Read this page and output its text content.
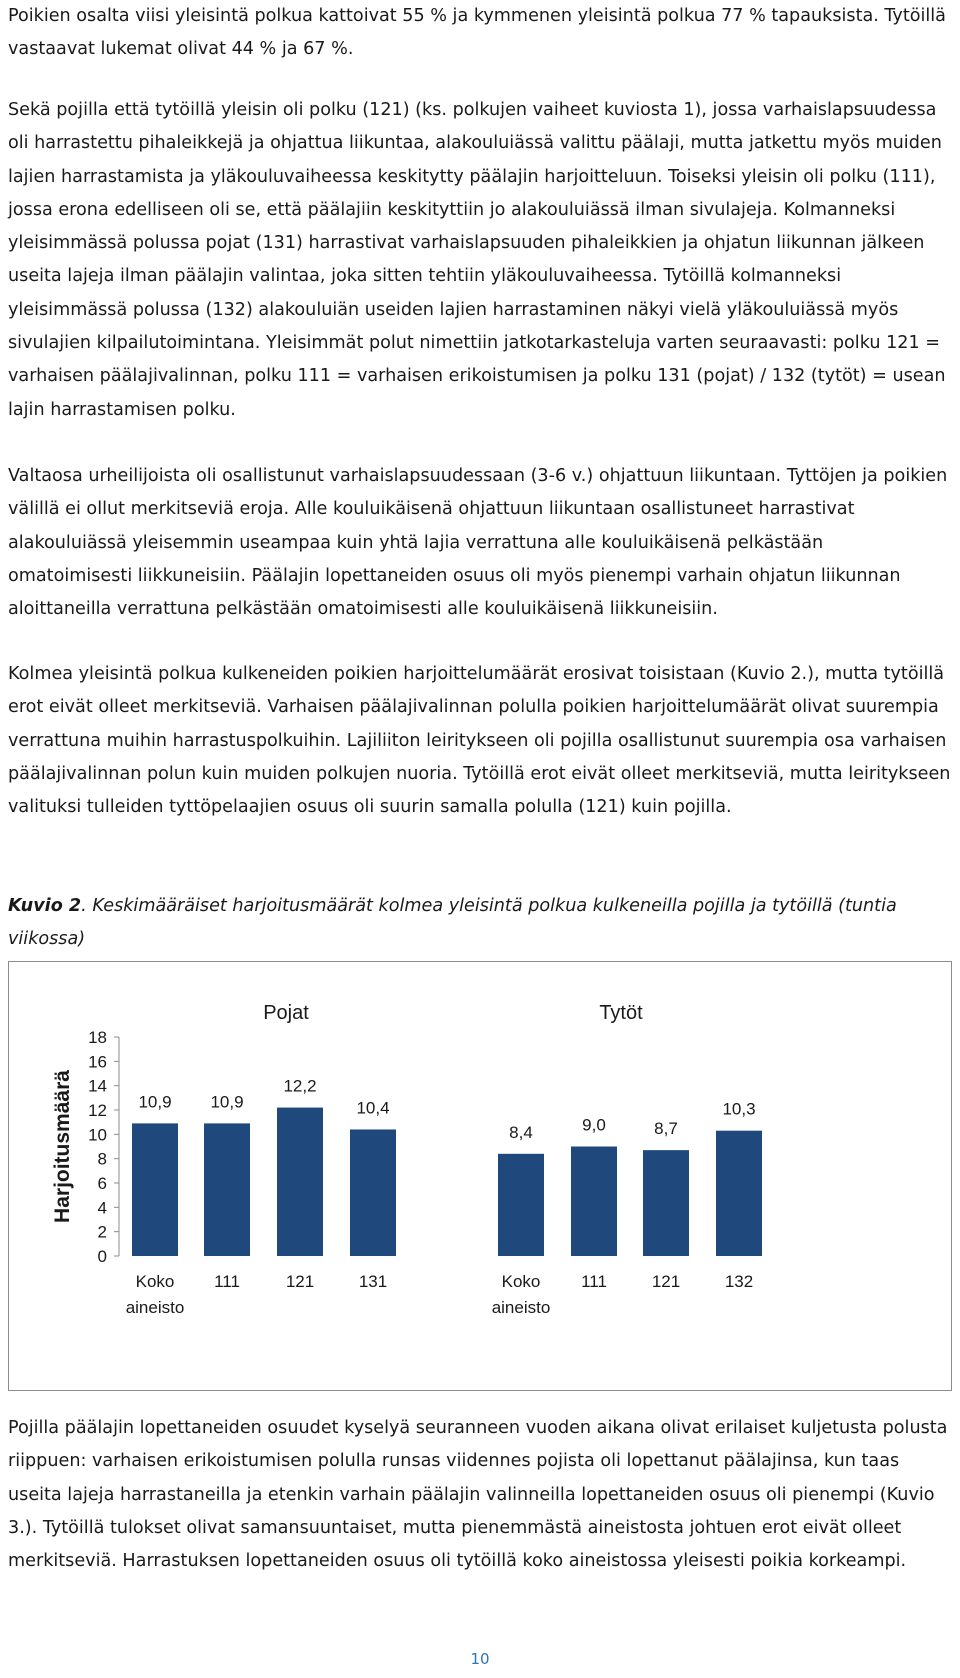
Poikien osalta viisi yleisintä polkua kattoivat 55 % ja kymmenen yleisintä polkua 77 % tapauksista. Tytöillä vastaavat lukemat olivat 44 % ja 67 %.

Sekä pojilla että tytöillä yleisin oli polku (121) (ks. polkujen vaiheet kuviosta 1), jossa varhaislapsuudessa oli harrastettu pihaleikkejä ja ohjattua liikuntaa, alakouluiässä valittu päälaji, mutta jatkettu myös muiden lajien harrastamista ja yläkouluvaiheessa keskitytty päälajin harjoitteluun. Toiseksi yleisin oli polku (111), jossa erona edelliseen oli se, että päälajiin keskityttiin jo alakouluiässä ilman sivulajeja. Kolmanneksi yleisimmässä polussa pojat (131) harrastivat varhaislapsuuden pihaleikkien ja ohjatun liikunnan jälkeen useita lajeja ilman päälajin valintaa, joka sitten tehtiin yläkouluvaiheessa. Tytöillä kolmanneksi yleisimmässä polussa (132) alakouluiän useiden lajien harrastaminen näkyi vielä yläkouluiässä myös sivulajien kilpailutoimintana. Yleisimmät polut nimettiin jatkotarkasteluja varten seuraavasti: polku 121 = varhaisen päälajivalinnan, polku 111 = varhaisen erikoistumisen ja polku 131 (pojat) / 132 (tytöt) = usean lajin harrastamisen polku.

Valtaosa urheilijoista oli osallistunut varhaislapsuudessaan (3-6 v.) ohjattuun liikuntaan. Tyttöjen ja poikien välillä ei ollut merkitseviä eroja. Alle kouluikäisenä ohjattuun liikuntaan osallistuneet harrastivat alakouluiässä yleisemmin useampaa kuin yhtä lajia verrattuna alle kouluikäisenä pelkästään omatoimisesti liikkuneisiin. Päälajin lopettaneiden osuus oli myös pienempi varhain ohjatun liikunnan aloittaneilla verrattuna pelkästään omatoimisesti alle kouluikäisenä liikkuneisiin.

Kolmea yleisintä polkua kulkeneiden poikien harjoittelumäärät erosivat toisistaan (Kuvio 2.), mutta tytöillä erot eivät olleet merkitseviä. Varhaisen päälajivalinnan polulla poikien harjoittelumäärät olivat suurempia verrattuna muihin harrastuspolkuihin. Lajiliiton leiritykseen oli pojilla osallistunut suurempia osa varhaisen päälajivalinnan polun kuin muiden polkujen nuoria. Tytöillä erot eivät olleet merkitseviä, mutta leiritykseen valituksi tulleiden tyttöpelaajien osuus oli suurin samalla polulla (121) kuin pojilla.

Kuvio 2. Keskimääräiset harjoitusmäärät kolmea yleisintä polkua kulkeneilla pojilla ja tytöillä (tuntia viikossa)
0
2
4
6
8
10
12
14
16
18
Harjoitusmäärä
Pojat
10,9
Koko
aineisto
10,9
111
12,2
121
10,4
131
Tytöt
8,4
Koko
aineisto
9,0
111
8,7
121
10,3
132

Pojilla päälajin lopettaneiden osuudet kyselyä seuranneen vuoden aikana olivat erilaiset kuljetusta polusta riippuen: varhaisen erikoistumisen polulla runsas viidennes pojista oli lopettanut päälajinsa, kun taas useita lajeja harrastaneilla ja etenkin varhain päälajin valinneilla lopettaneiden osuus oli pienempi (Kuvio 3.). Tytöillä tulokset olivat samansuuntaiset, mutta pienemmästä aineistosta johtuen erot eivät olleet merkitseviä. Harrastuksen lopettaneiden osuus oli tytöillä koko aineistossa yleisesti poikia korkeampi.

10
